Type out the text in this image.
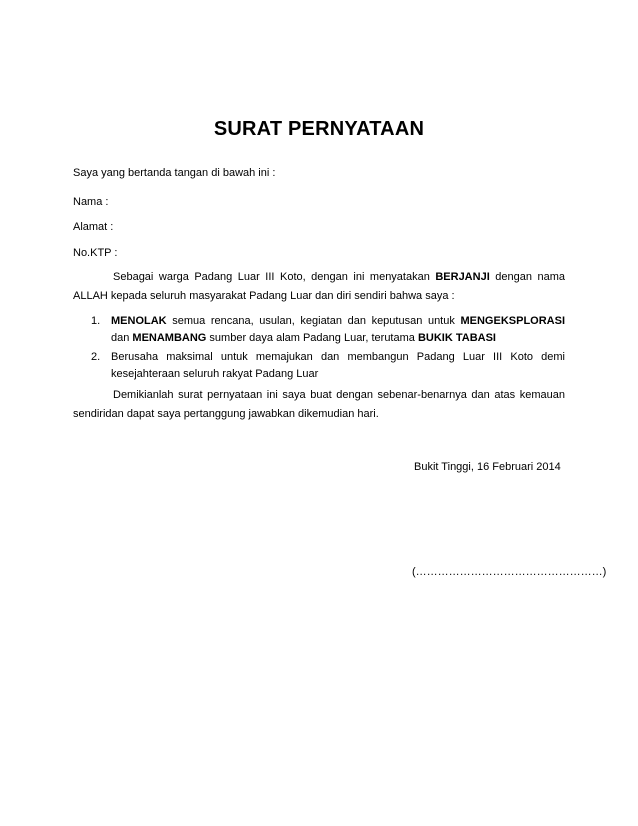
SURAT PERNYATAAN
Saya yang bertanda tangan di bawah ini :
Nama :
Alamat :
No.KTP :
Sebagai warga Padang Luar III Koto, dengan ini menyatakan BERJANJI dengan nama ALLAH kepada seluruh masyarakat Padang Luar dan diri sendiri bahwa saya :
1. MENOLAK semua rencana, usulan, kegiatan dan keputusan untuk MENGEKSPLORASI dan MENAMBANG sumber daya alam Padang Luar, terutama BUKIK TABASI
2. Berusaha maksimal untuk memajukan dan membangun Padang Luar III Koto demi kesejahteraan seluruh rakyat Padang Luar
Demikianlah surat pernyataan ini saya buat dengan sebenar-benarnya dan atas kemauan sendiridan dapat saya pertanggung jawabkan dikemudian hari.
Bukit Tinggi, 16 Februari 2014
(……………………………………………)
